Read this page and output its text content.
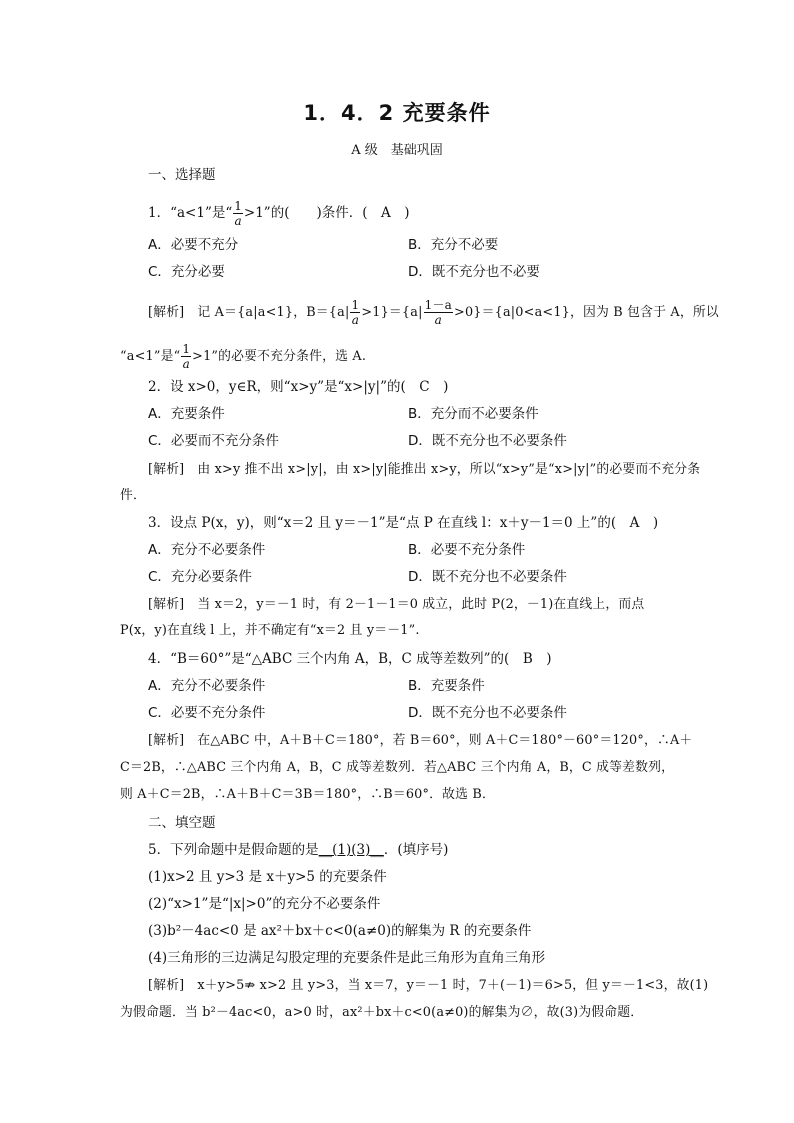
1．4．2 充要条件
A 级　基础巩固
一、选择题
1．“a<1”是“ $\frac{1}{a} >1$”的(　　)条件．(　A　)
A．必要不充分	B．充分不必要
C．充分必要	D．既不充分也不必要
[解析]　记 A＝{a|a<1}，$B=\{a| \frac{1}{a} >1\}=\{a| \frac{1-a}{a} >0\}=\{a|0<a<1\}$，因为 B 包含于 A，所以
“a<1”是“ $\frac{1}{a} >1$”的必要不充分条件，选 A.
2．设 x>0，y∈R，则“x>y”是“x>|y|”的(　C　)
A．充要条件	B．充分而不必要条件
C．必要而不充分条件	D．既不充分也不必要条件
[解析]　由 x>y 推不出 x>|y|，由 x>|y|能推出 x>y，所以“x>y”是“x>|y|”的必要而不充分条
件．
3．设点 P(x，y)，则“x＝2 且 y＝－1”是“点 P 在直线 l：x＋y－1＝0 上”的(　A　)
A．充分不必要条件	B．必要不充分条件
C．充分必要条件	D．既不充分也不必要条件
[解析]　当 x＝2，y＝－1 时，有 2－1－1＝0 成立，此时 P(2，－1)在直线上，而点
P(x，y)在直线 l 上，并不确定有“x＝2 且 y＝－1”.
4．“B＝60°”是“△ABC 三个内角 A，B，C 成等差数列”的(　B　)
A．充分不必要条件	B．充要条件
C．必要不充分条件	D．既不充分也不必要条件
[解析]　在△ABC 中，A＋B＋C＝180°，若 B＝60°，则 A＋C＝180°－60°＝120°，∴A＋
C＝2B，∴△ABC 三个内角 A，B，C 成等差数列．若△ABC 三个内角 A，B，C 成等差数列，
则 A＋C＝2B，∴A＋B＋C＝3B＝180°，∴B＝60°．故选 B．
二、填空题
5．下列命题中是假命题的是__(1)(3)__．(填序号)
(1)x>2 且 y>3 是 x＋y>5 的充要条件
(2)“x>1”是“|x|>0”的充分不必要条件
(3)b²－4ac<0 是 ax²＋bx＋c<0(a≠0)的解集为 R 的充要条件
(4)三角形的三边满足勾股定理的充要条件是此三角形为直角三角形
[解析]　x＋y>5⇏ x>2 且 y>3，当 x＝7，y＝－1 时，7＋(－1)＝6>5，但 y＝－1<3，故(1)
为假命题．当 b²－4ac<0，a>0 时，ax²＋bx＋c<0(a≠0)的解集为∅，故(3)为假命题．
